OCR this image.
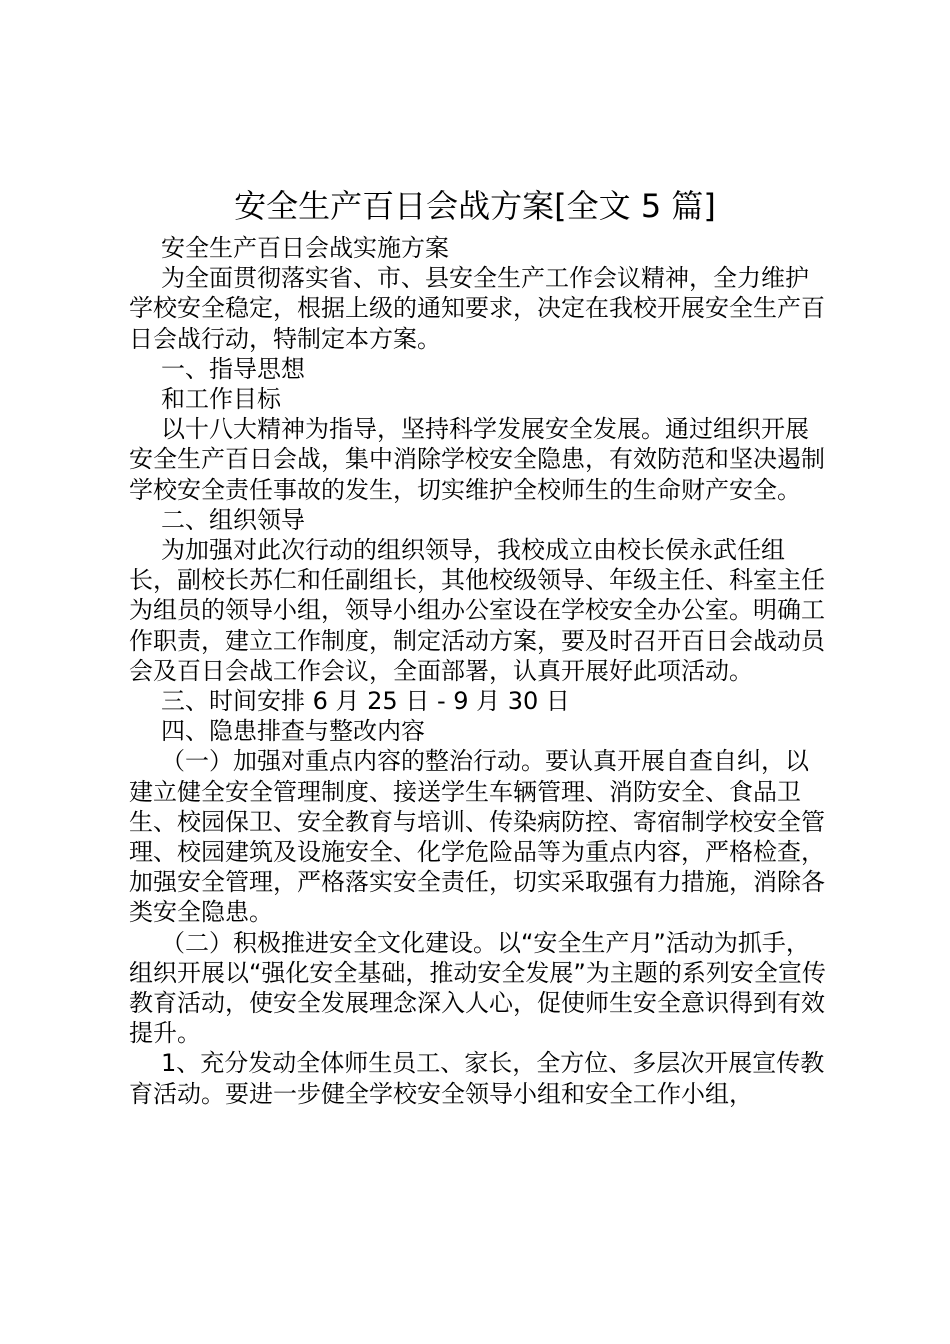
安全生产百日会战方案[全文 5 篇]

安全生产百日会战实施方案

为全面贯彻落实省、市、县安全生产工作会议精神，全力维护学校安全稳定，根据上级的通知要求，决定在我校开展安全生产百日会战行动，特制定本方案。

一、指导思想

和工作目标

以十八大精神为指导，坚持科学发展安全发展。通过组织开展安全生产百日会战，集中消除学校安全隐患，有效防范和坚决遏制学校安全责任事故的发生，切实维护全校师生的生命财产安全。

二、组织领导

为加强对此次行动的组织领导，我校成立由校长侯永武任组长，副校长苏仁和任副组长，其他校级领导、年级主任、科室主任为组员的领导小组，领导小组办公室设在学校安全办公室。明确工作职责，建立工作制度，制定活动方案，要及时召开百日会战动员会及百日会战工作会议，全面部署，认真开展好此项活动。

三、时间安排 6 月 25 日 - 9 月 30 日

四、隐患排查与整改内容

（一）加强对重点内容的整治行动。要认真开展自查自纠，以建立健全安全管理制度、接送学生车辆管理、消防安全、食品卫生、校园保卫、安全教育与培训、传染病防控、寄宿制学校安全管理、校园建筑及设施安全、化学危险品等为重点内容，严格检查，加强安全管理，严格落实安全责任，切实采取强有力措施，消除各类安全隐患。

（二）积极推进安全文化建设。以“安全生产月”活动为抓手，组织开展以“强化安全基础，推动安全发展”为主题的系列安全宣传教育活动，使安全发展理念深入人心，促使师生安全意识得到有效提升。

1、充分发动全体师生员工、家长，全方位、多层次开展宣传教育活动。要进一步健全学校安全领导小组和安全工作小组，
